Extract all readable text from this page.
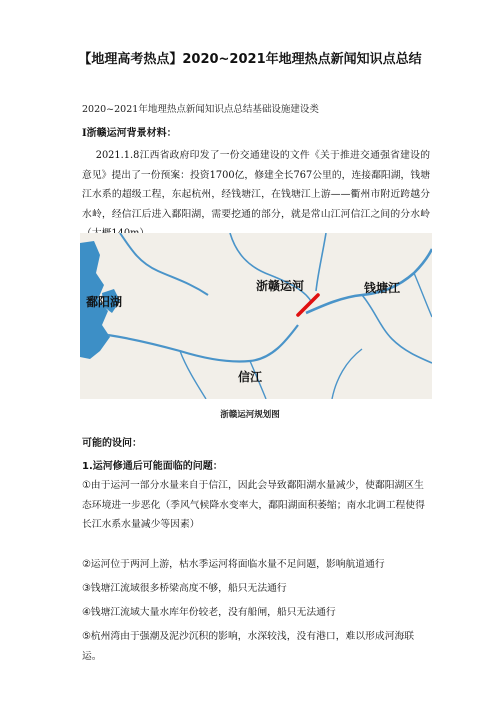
【地理高考热点】2020~2021年地理热点新闻知识点总结
2020~2021年地理热点新闻知识点总结基础设施建设类
Ⅰ浙赣运河背景材料：
2021.1.8江西省政府印发了一份交通建设的文件《关于推进交通强省建设的意见》提出了一份预案：投资1700亿，修建全长767公里的，连接鄱阳湖，钱塘江水系的超级工程，东起杭州，经钱塘江，在钱塘江上游——衢州市附近跨越分水岭，经信江后进入鄱阳湖，需要挖通的部分，就是常山江河信江之间的分水岭
鄱阳湖
浙赣运河	钱塘江
信江
浙赣运河规划图
可能的设问：
1.运河修通后可能面临的问题：
①由于运河一部分水量来自于信江，因此会导致鄱阳湖水量减少，使鄱阳湖区生态环境进一步恶化（季风气候降水变率大，鄱阳湖面积萎缩；南水北调工程使得长江水系水量减少等因素）
②运河位于两河上游，枯水季运河将面临水量不足问题，影响航道通行
③钱塘江流域很多桥梁高度不够，船只无法通行
④钱塘江流域大量水库年份较老，没有船闸，船只无法通行
⑤杭州湾由于强潮及泥沙沉积的影响，水深较浅，没有港口，难以形成河海联运。
